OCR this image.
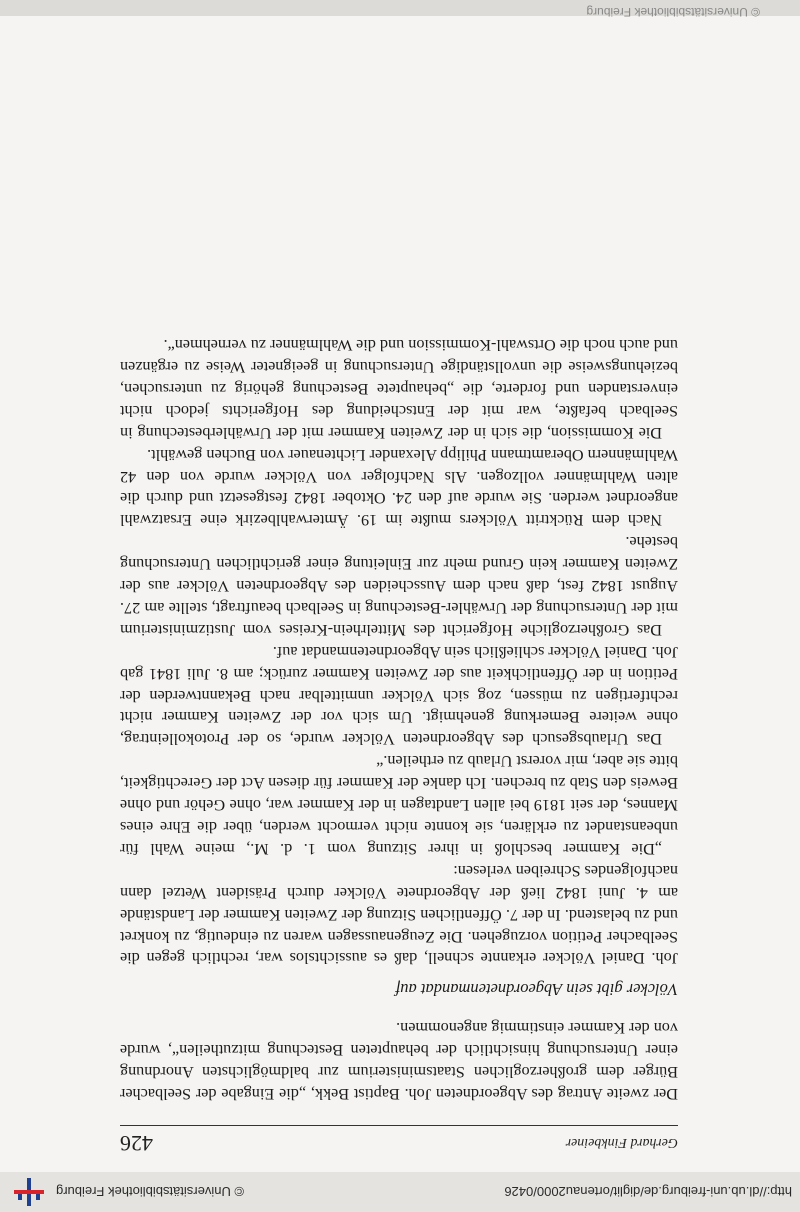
http://dl.ub.uni-freiburg.de/diglit/ortenau2000/0426
© Universitätsbibliothek Freiburg
Gerhard Finkbeiner
426

Der zweite Antrag des Abgeordneten Joh. Baptist Bekk, „die Eingabe der Seelbacher Bürger dem großherzoglichen Staatsministerium zur baldmöglichsten Anordnung einer Untersuchung hinsichtlich der behaupteten Bestechung mitzutheilen“, wurde von der Kammer einstimmig angenommen.

Völcker gibt sein Abgeordnetenmandat auf

Joh. Daniel Völcker erkannte schnell, daß es aussichtslos war, rechtlich gegen die Seelbacher Petition vorzugehen. Die Zeugenaussagen waren zu eindeutig, zu konkret und zu belastend. In der 7. Öffentlichen Sitzung der Zweiten Kammer der Landstände am 4. Juni 1842 ließ der Abgeordnete Völcker durch Präsident Wetzel dann nachfolgendes Schreiben verlesen:

„Die Kammer beschloß in ihrer Sitzung vom 1. d. M., meine Wahl für unbeanstandet zu erklären, sie konnte nicht vermocht werden, über die Ehre eines Mannes, der seit 1819 bei allen Landtagen in der Kammer war, ohne Gehör und ohne Beweis den Stab zu brechen. Ich danke der Kammer für diesen Act der Gerechtigkeit, bitte sie aber, mir vorerst Urlaub zu ertheilen.“

Das Urlaubsgesuch des Abgeordneten Völcker wurde, so der Protokolleintrag, ohne weitere Bemerkung genehmigt. Um sich vor der Zweiten Kammer nicht rechtfertigen zu müssen, zog sich Völcker unmittelbar nach Bekanntwerden der Petition in der Öffentlichkeit aus der Zweiten Kammer zurück; am 8. Juli 1841 gab Joh. Daniel Völcker schließlich sein Abgeordnetenmandat auf.

Das Großherzogliche Hofgericht des Mittelrhein-Kreises vom Justizministerium mit der Untersuchung der Urwähler-Bestechung in Seelbach beauftragt, stellte am 27. August 1842 fest, daß nach dem Ausscheiden des Abgeordneten Völcker aus der Zweiten Kammer kein Grund mehr zur Einleitung einer gerichtlichen Untersuchung bestehe.

Nach dem Rücktritt Völckers mußte im 19. Ämterwahlbezirk eine Ersatzwahl angeordnet werden. Sie wurde auf den 24. Oktober 1842 festgesetzt und durch die alten Wahlmänner vollzogen. Als Nachfolger von Völcker wurde von den 42 Wahlmännern Oberamtmann Philipp Alexander Lichtenauer von Buchen gewählt.

Die Kommission, die sich in der Zweiten Kammer mit der Urwählerbestechung in Seelbach befaßte, war mit der Entscheidung des Hofgerichts jedoch nicht einverstanden und forderte, die „behauptete Bestechung gehörig zu untersuchen, beziehungsweise die unvollständige Untersuchung in geeigneter Weise zu ergänzen und auch noch die Ortswahl-Kommission und die Wahlmänner zu vernehmen“.

© Universitätsbibliothek Freiburg
